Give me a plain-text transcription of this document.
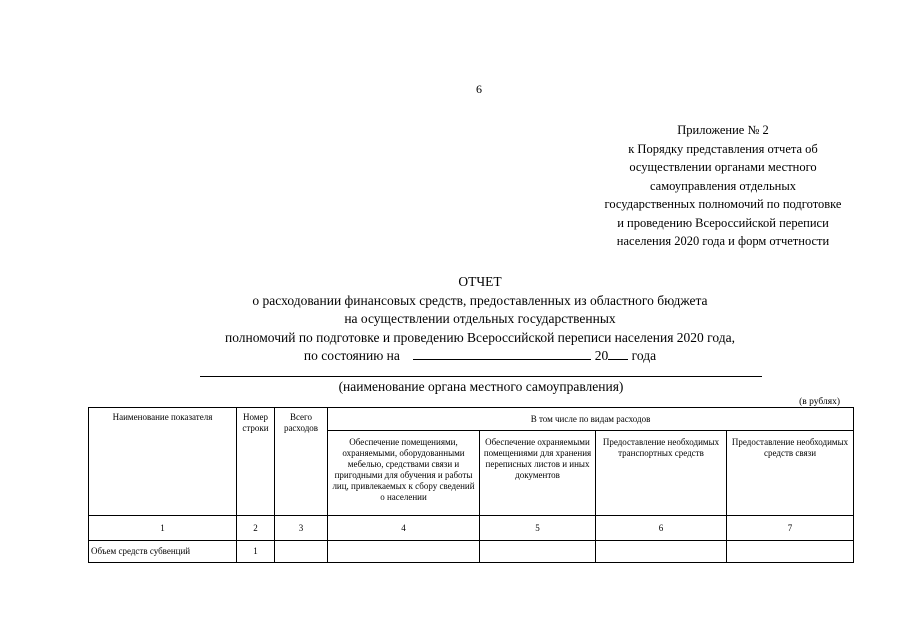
6
Приложение № 2
к Порядку представления отчета об
осуществлении органами местного
самоуправления отдельных
государственных полномочий по подготовке
и проведению Всероссийской переписи
населения 2020 года и форм отчетности
ОТЧЕТ
о расходовании финансовых средств, предоставленных из областного бюджета
на осуществлении отдельных государственных
полномочий по подготовке и проведению Всероссийской переписи населения 2020 года,
по состоянию на	20 года
(наименование органа местного самоуправления)
(в рублях)
Наименование показателя	Номер строки	Всего расходов	В том числе по видам расходов			
			Обеспечение помещениями, охраняемыми, оборудованными мебелью, средствами связи и пригодными для обучения и работы лиц, привлекаемых к сбору сведений о населении	Обеспечение охраняемыми помещениями для хранения переписных листов и иных документов	Предоставление необходимых транспортных средств	Предоставление необходимых средств связи
1	2	3	4	5	6	7
Объем средств субвенций	1					
